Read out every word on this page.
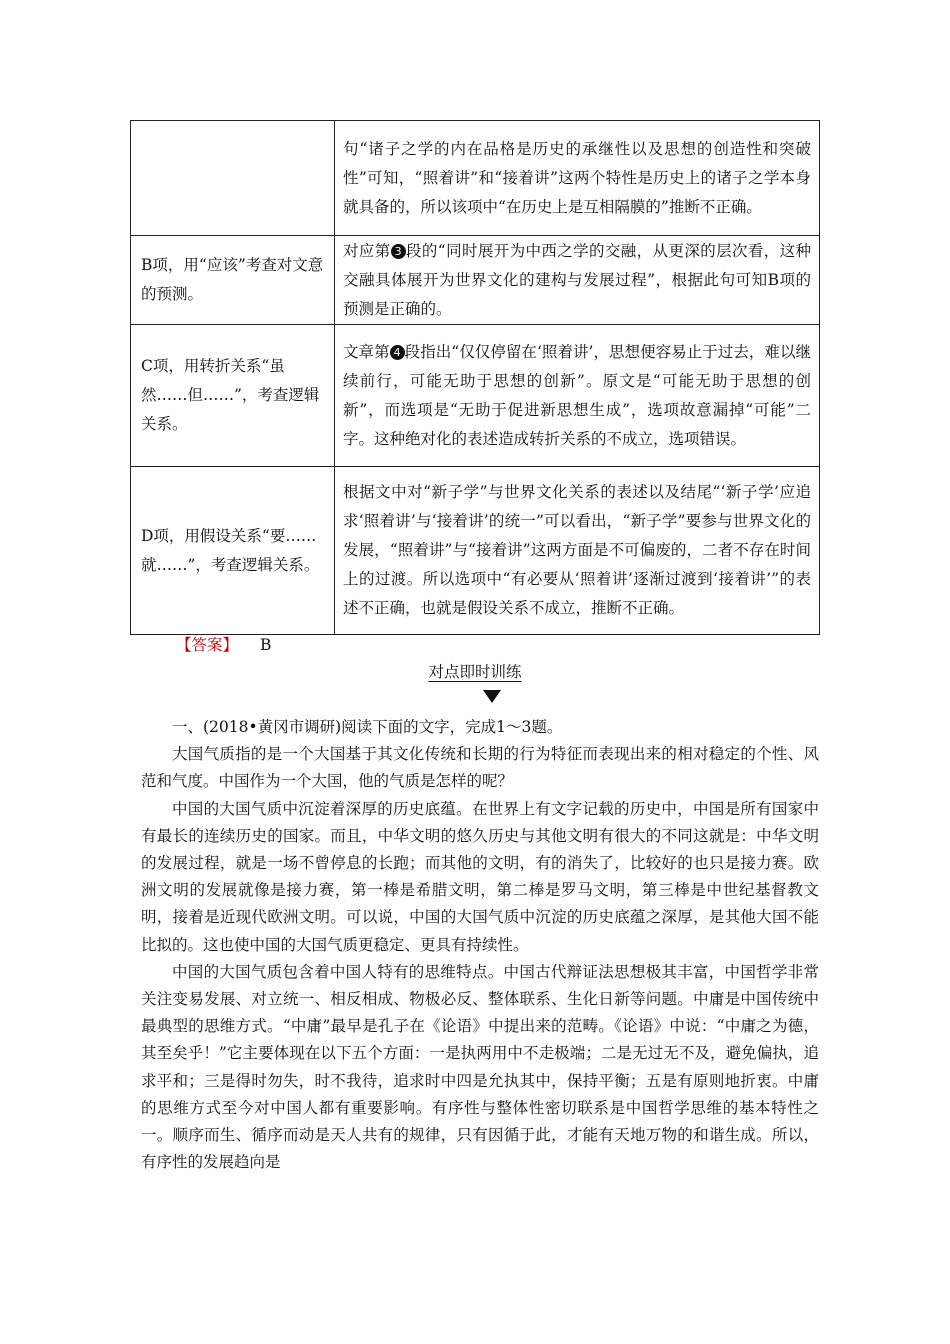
	句“诸子之学的内在品格是历史的承继性以及思想的创造性和突破性”可知，“照着讲”和“接着讲”这两个特性是历史上的诸子之学本身就具备的，所以该项中“在历史上是互相隔膜的”推断不正确。
B项，用“应该”考查对文意的预测。	对应第 3 段的“同时展开为中西之学的交融，从更深的层次看，这种交融具体展开为世界文化的建构与发展过程”，根据此句可知B项的预测是正确的。
C项，用转折关系“虽然……但……”，考查逻辑关系。	文章第 4 段指出“仅仅停留在‘照着讲’，思想便容易止于过去，难以继续前行，可能无助于思想的创新”。原文是“可能无助于思想的创新”，而选项是“无助于促进新思想生成”，选项故意漏掉“可能”二字。这种绝对化的表述造成转折关系的不成立，选项错误。
D项，用假设关系“要……就……”，考查逻辑关系。	根据文中对“新子学”与世界文化关系的表述以及结尾“‘新子学’应追求‘照着讲’与‘接着讲’的统一”可以看出，“新子学”要参与世界文化的发展，“照着讲”与“接着讲”这两方面是不可偏废的，二者不存在时间上的过渡。所以选项中“有必要从‘照着讲’逐渐过渡到‘接着讲’”的表述不正确，也就是假设关系不成立，推断不正确。
【答案】 B
对点即时训练

一、(2018•黄冈市调研)阅读下面的文字，完成1～3题。

大国气质指的是一个大国基于其文化传统和长期的行为特征而表现出来的相对稳定的个性、风范和气度。中国作为一个大国，他的气质是怎样的呢？

中国的大国气质中沉淀着深厚的历史底蕴。在世界上有文字记载的历史中，中国是所有国家中有最长的连续历史的国家。而且，中华文明的悠久历史与其他文明有很大的不同这就是：中华文明的发展过程，就是一场不曾停息的长跑；而其他的文明，有的消失了，比较好的也只是接力赛。欧洲文明的发展就像是接力赛，第一棒是希腊文明，第二棒是罗马文明，第三棒是中世纪基督教文明，接着是近现代欧洲文明。可以说，中国的大国气质中沉淀的历史底蕴之深厚，是其他大国不能比拟的。这也使中国的大国气质更稳定、更具有持续性。

中国的大国气质包含着中国人特有的思维特点。中国古代辩证法思想极其丰富，中国哲学非常关注变易发展、对立统一、相反相成、物极必反、整体联系、生化日新等问题。中庸是中国传统中最典型的思维方式。“中庸”最早是孔子在《论语》中提出来的范畴。《论语》中说：“中庸之为德，其至矣乎！”它主要体现在以下五个方面：一是执两用中不走极端；二是无过无不及，避免偏执，追求平和；三是得时勿失，时不我待，追求时中四是允执其中，保持平衡；五是有原则地折衷。中庸的思维方式至今对中国人都有重要影响。有序性与整体性密切联系是中国哲学思维的基本特性之一。顺序而生、循序而动是天人共有的规律，只有因循于此，才能有天地万物的和谐生成。所以，有序性的发展趋向是
